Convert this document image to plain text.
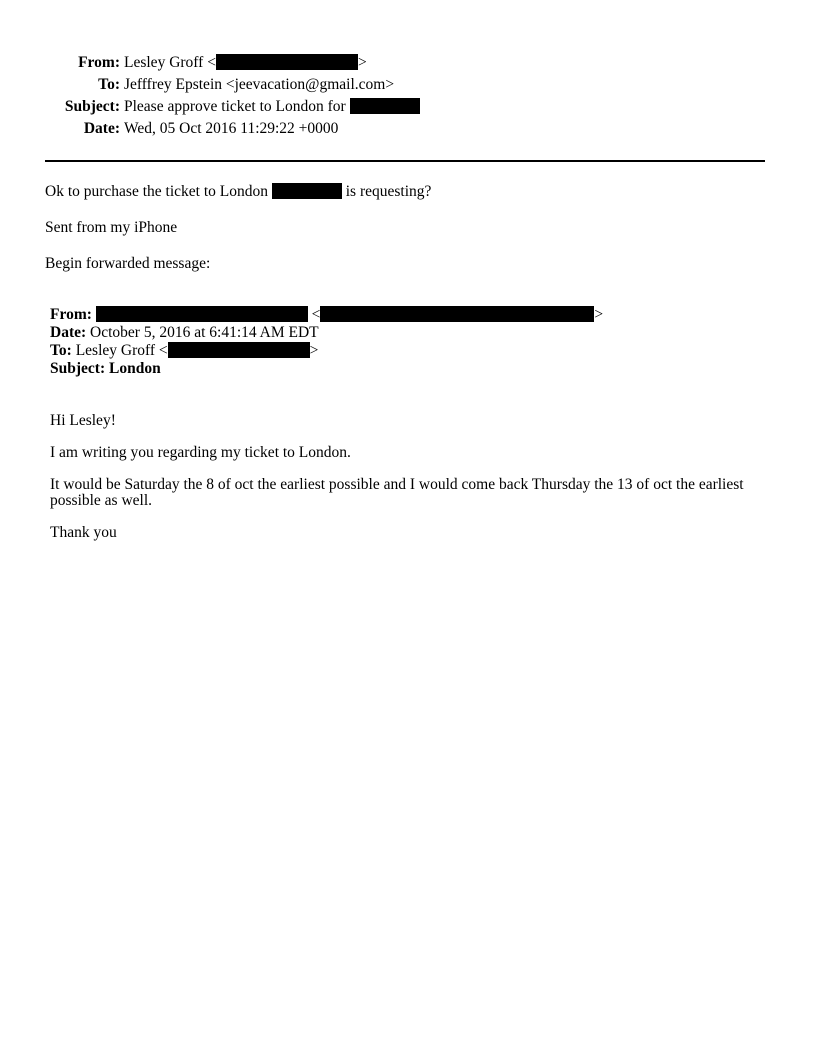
From: Lesley Groff <	>
To: Jefffrey Epstein <jeevacation@gmail.com>
Subject: Please approve ticket to London for
Date: Wed, 05 Oct 2016 11:29:22 +0000

Ok to purchase the ticket to London	is requesting?

Sent from my iPhone

Begin forwarded message:

From:	<	>
Date: October 5, 2016 at 6:41:14 AM EDT
To: Lesley Groff <	>
Subject: London

Hi Lesley!

I am writing you regarding my ticket to London.

It would be Saturday the 8 of oct the earliest possible and I would come back Thursday the 13 of oct the earliest possible as well.

Thank you
